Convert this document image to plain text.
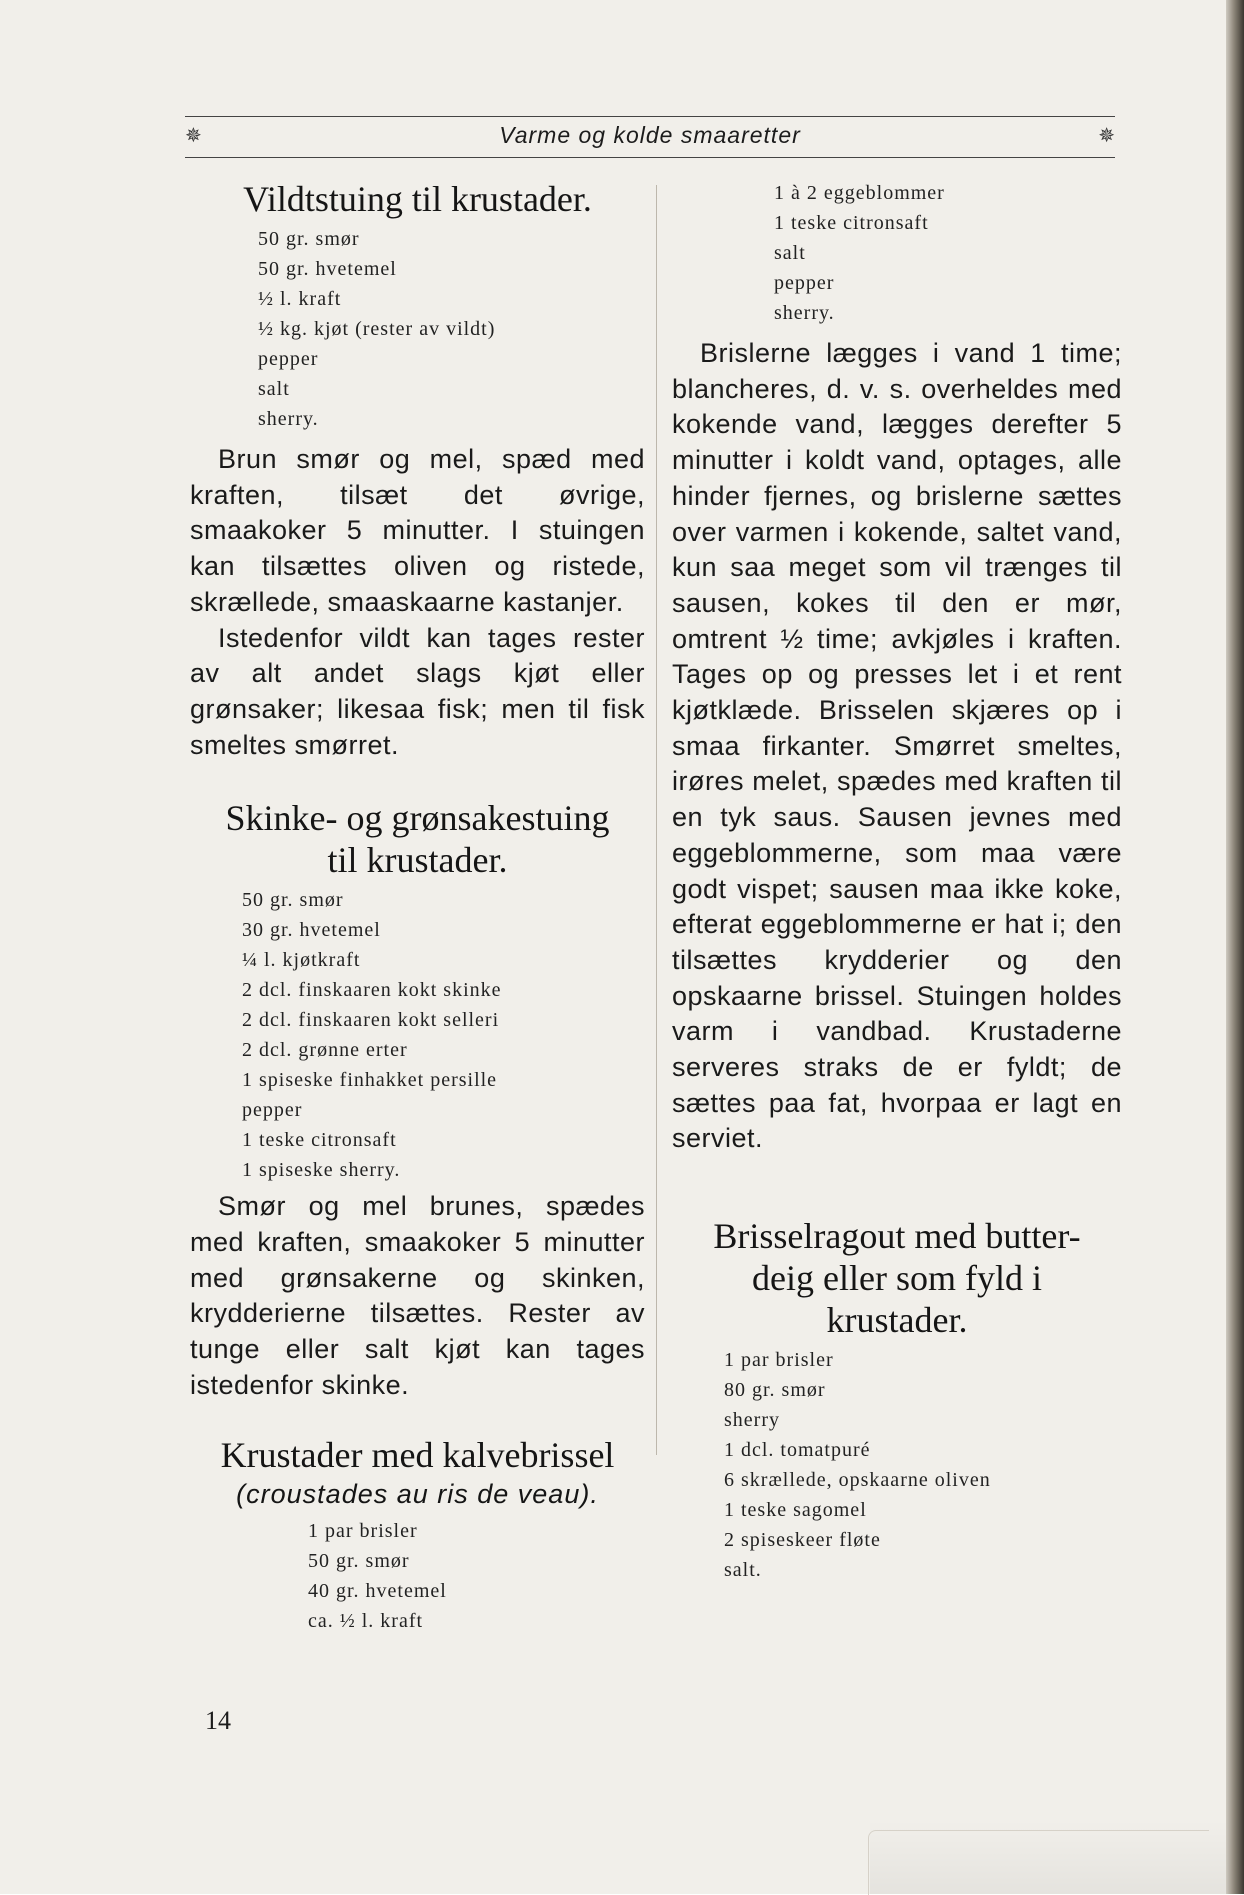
✵	Varme og kolde smaaretter	✵
Vildtstuing til krustader.
50 gr. smør
50 gr. hvetemel
½ l. kraft
½ kg. kjøt (rester av vildt)
pepper
salt
sherry.

Brun smør og mel, spæd med kraften, tilsæt det øvrige, smaakoker 5 minutter. I stuingen kan tilsættes oliven og ristede, skrællede, smaaskaarne kastanjer.

Istedenfor vildt kan tages rester av alt andet slags kjøt eller grønsaker; likesaa fisk; men til fisk smeltes smørret.

Skinke- og grønsakestuing
til krustader.
50 gr. smør
30 gr. hvetemel
¼ l. kjøtkraft
2 dcl. finskaaren kokt skinke
2 dcl. finskaaren kokt selleri
2 dcl. grønne erter
1 spiseske finhakket persille
pepper
1 teske citronsaft
1 spiseske sherry.

Smør og mel brunes, spædes med kraften, smaakoker 5 minutter med grønsakerne og skinken, krydderierne tilsættes. Rester av tunge eller salt kjøt kan tages istedenfor skinke.

Krustader med kalvebrissel
(croustades au ris de veau).
1 par brisler
50 gr. smør
40 gr. hvetemel
ca. ½ l. kraft
1 à 2 eggeblommer
1 teske citronsaft
salt
pepper
sherry.

Brislerne lægges i vand 1 time; blancheres, d. v. s. overheldes med kokende vand, lægges derefter 5 minutter i koldt vand, optages, alle hinder fjernes, og brislerne sættes over varmen i kokende, saltet vand, kun saa meget som vil trænges til sausen, kokes til den er mør, omtrent ½ time; avkjøles i kraften. Tages op og presses let i et rent kjøtklæde. Brisselen skjæres op i smaa firkanter. Smørret smeltes, irøres melet, spædes med kraften til en tyk saus. Sausen jevnes med eggeblommerne, som maa være godt vispet; sausen maa ikke koke, efterat eggeblommerne er hat i; den tilsættes krydderier og den opskaarne brissel. Stuingen holdes varm i vandbad. Krustaderne serveres straks de er fyldt; de sættes paa fat, hvorpaa er lagt en serviet.

Brisselragout med butter-
deig eller som fyld i
krustader.
1 par brisler
80 gr. smør
sherry
1 dcl. tomatpuré
6 skrællede, opskaarne oliven
1 teske sagomel
2 spiseskeer fløte
salt.
14
